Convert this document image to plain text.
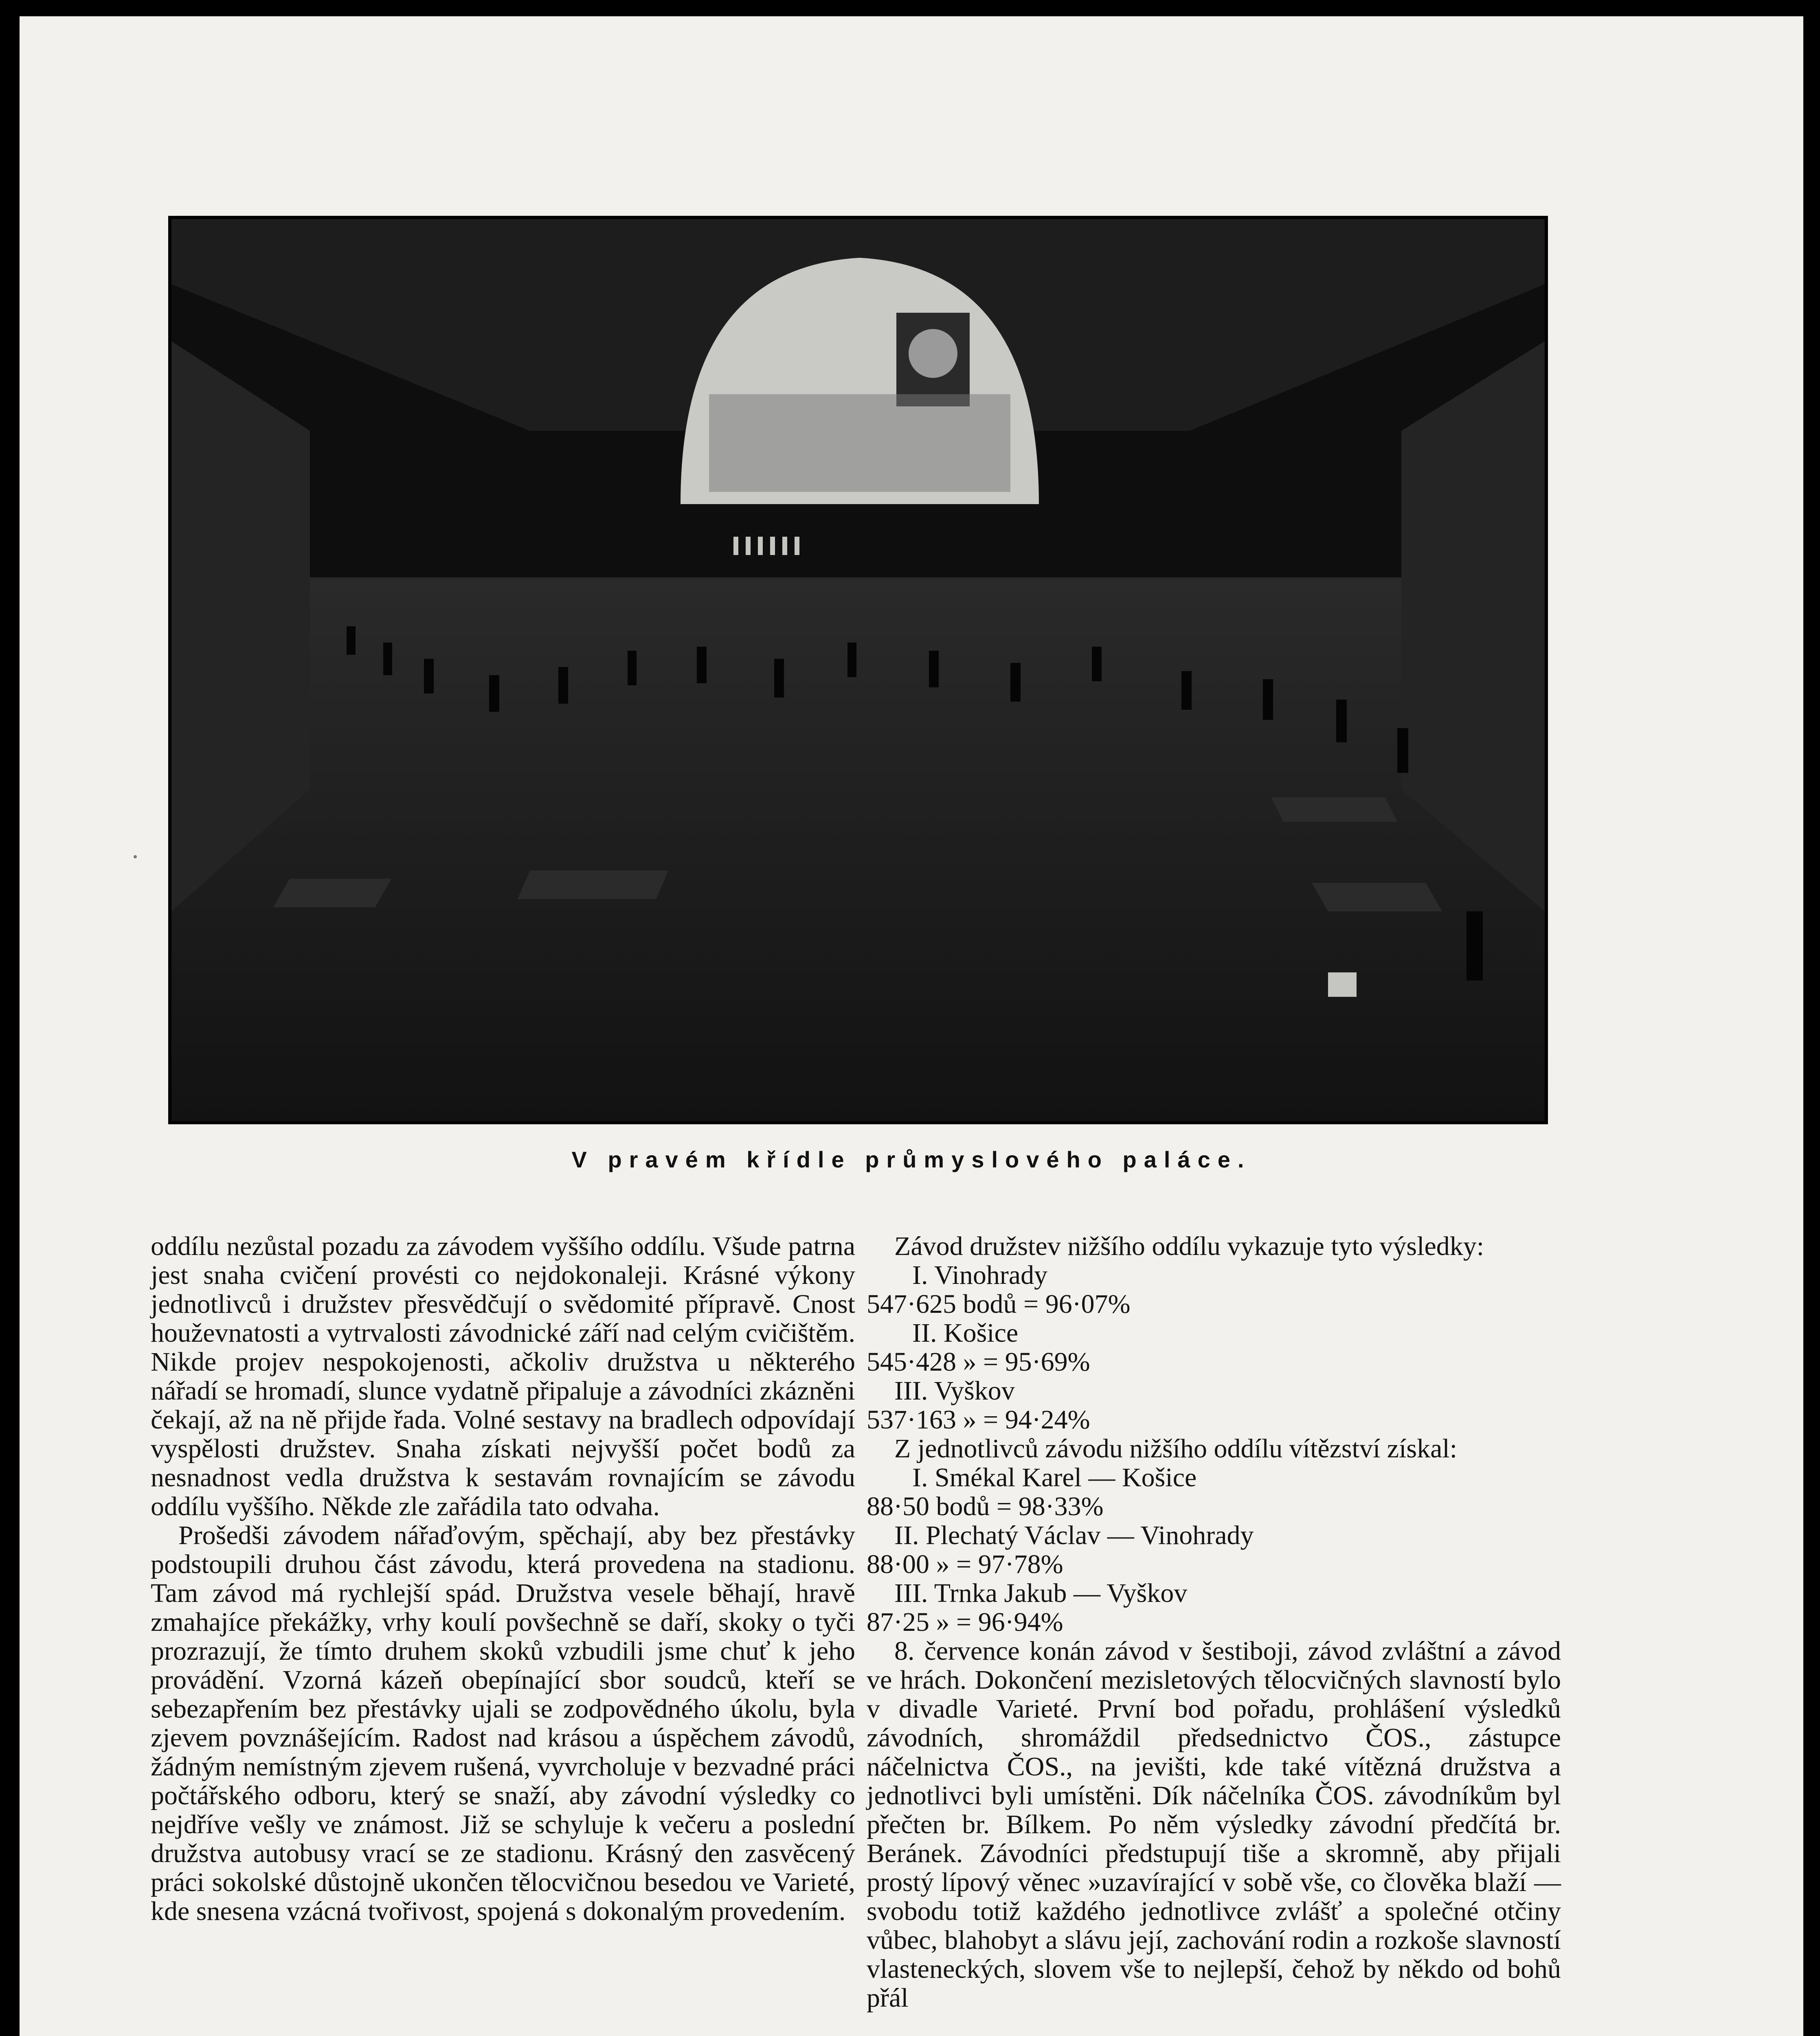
V pravém křídle průmyslového paláce.

oddílu nezůstal pozadu za závodem vyššího oddílu. Všude patrna jest snaha cvičení provésti co nejdokonaleji. Krásné výkony jednotlivců i družstev přesvědčují o svědomité přípravě. Cnost houževnatosti a vytrvalosti závodnické září nad celým cvičištěm. Nikde projev nespokojenosti, ačkoliv družstva u některého nářadí se hromadí, slunce vydatně připaluje a závodníci zkázněni čekají, až na ně přijde řada. Volné sestavy na bradlech odpovídají vyspělosti družstev. Snaha získati nejvyšší počet bodů za nesnadnost vedla družstva k sestavám rovnajícím se závodu oddílu vyššího. Někde zle zařádila tato odvaha.

Prošedši závodem nářaďovým, spěchají, aby bez přestávky podstoupili druhou část závodu, která provedena na stadionu. Tam závod má rychlejší spád. Družstva vesele běhají, hravě zmahajíce překážky, vrhy koulí povšechně se daří, skoky o tyči prozrazují, že tímto druhem skoků vzbudili jsme chuť k jeho provádění. Vzorná kázeň obepínající sbor soudců, kteří se sebezapřením bez přestávky ujali se zodpovědného úkolu, byla zjevem povznášejícím. Radost nad krásou a úspěchem závodů, žádným nemístným zjevem rušená, vyvrcholuje v bezvadné práci počtářského odboru, který se snaží, aby závodní výsledky co nejdříve vešly ve známost. Již se schyluje k večeru a poslední družstva autobusy vrací se ze stadionu. Krásný den zasvěcený práci sokolské důstojně ukončen tělocvičnou besedou ve Varieté, kde snesena vzácná tvořivost, spojená s dokonalým provedením.

Závod družstev nižšího oddílu vykazuje tyto výsledky:

I. Vinohrady
547·625 bodů = 96·07%
II. Košice
545·428 » = 95·69%
III. Vyškov
537·163 » = 94·24%
Z jednotlivců závodu nižšího oddílu vítězství získal:
I. Smékal Karel — Košice
88·50 bodů = 98·33%
II. Plechatý Václav — Vinohrady
88·00 » = 97·78%
III. Trnka Jakub — Vyškov
87·25 » = 96·94%

8. července konán závod v šestiboji, závod zvláštní a závod ve hrách. Dokončení mezisletových tělocvičných slavností bylo v divadle Varieté. První bod pořadu, prohlášení výsledků závodních, shromáždil předsednictvo ČOS., zástupce náčelnictva ČOS., na jevišti, kde také vítězná družstva a jednotlivci byli umístěni. Dík náčelníka ČOS. závodníkům byl přečten br. Bílkem. Po něm výsledky závodní předčítá br. Beránek. Závodníci předstupují tiše a skromně, aby přijali prostý lípový věnec »uzavírající v sobě vše, co člověka blaží — svobodu totiž každého jednotlivce zvlášť a společné otčiny vůbec, blahobyt a slávu její, zachování rodin a rozkoše slavností vlasteneckých, slovem vše to nejlepší, čehož by někdo od bohů přál
